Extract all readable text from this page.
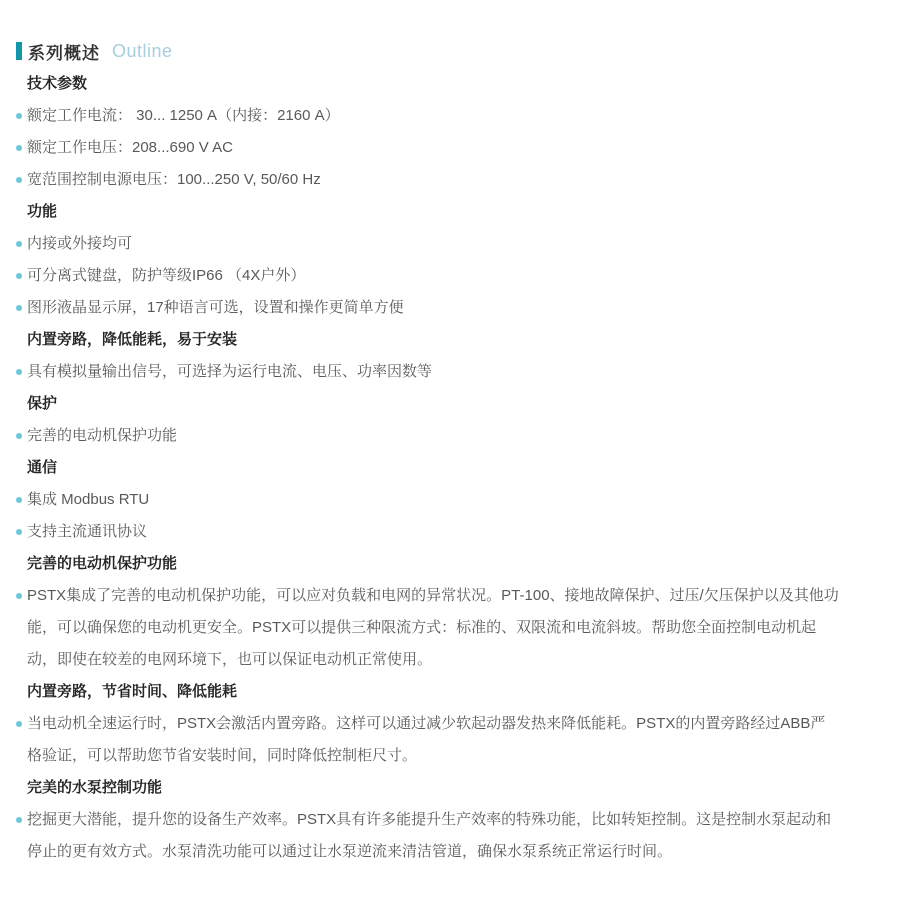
系列概述 Outline
技术参数
额定工作电流： 30... 1250 A（内接：2160 A）
额定工作电压：208...690 V AC
宽范围控制电源电压：100...250 V, 50/60 Hz
功能
内接或外接均可
可分离式键盘，防护等级IP66 （4X户外）
图形液晶显示屏，17种语言可选，设置和操作更简单方便
内置旁路，降低能耗，易于安装
具有模拟量输出信号，可选择为运行电流、电压、功率因数等
保护
完善的电动机保护功能
通信
集成 Modbus RTU
支持主流通讯协议
完善的电动机保护功能
PSTX集成了完善的电动机保护功能，可以应对负载和电网的异常状况。PT-100、接地故障保护、过压/欠压保护以及其他功能，可以确保您的电动机更安全。PSTX可以提供三种限流方式：标准的、双限流和电流斜坡。帮助您全面控制电动机起动，即使在较差的电网环境下，也可以保证电动机正常使用。
内置旁路，节省时间、降低能耗
当电动机全速运行时，PSTX会激活内置旁路。这样可以通过减少软起动器发热来降低能耗。PSTX的内置旁路经过ABB严格验证，可以帮助您节省安装时间，同时降低控制柜尺寸。
完美的水泵控制功能
挖掘更大潜能，提升您的设备生产效率。PSTX具有许多能提升生产效率的特殊功能，比如转矩控制。这是控制水泵起动和停止的更有效方式。水泵清洗功能可以通过让水泵逆流来清洁管道，确保水泵系统正常运行时间。
